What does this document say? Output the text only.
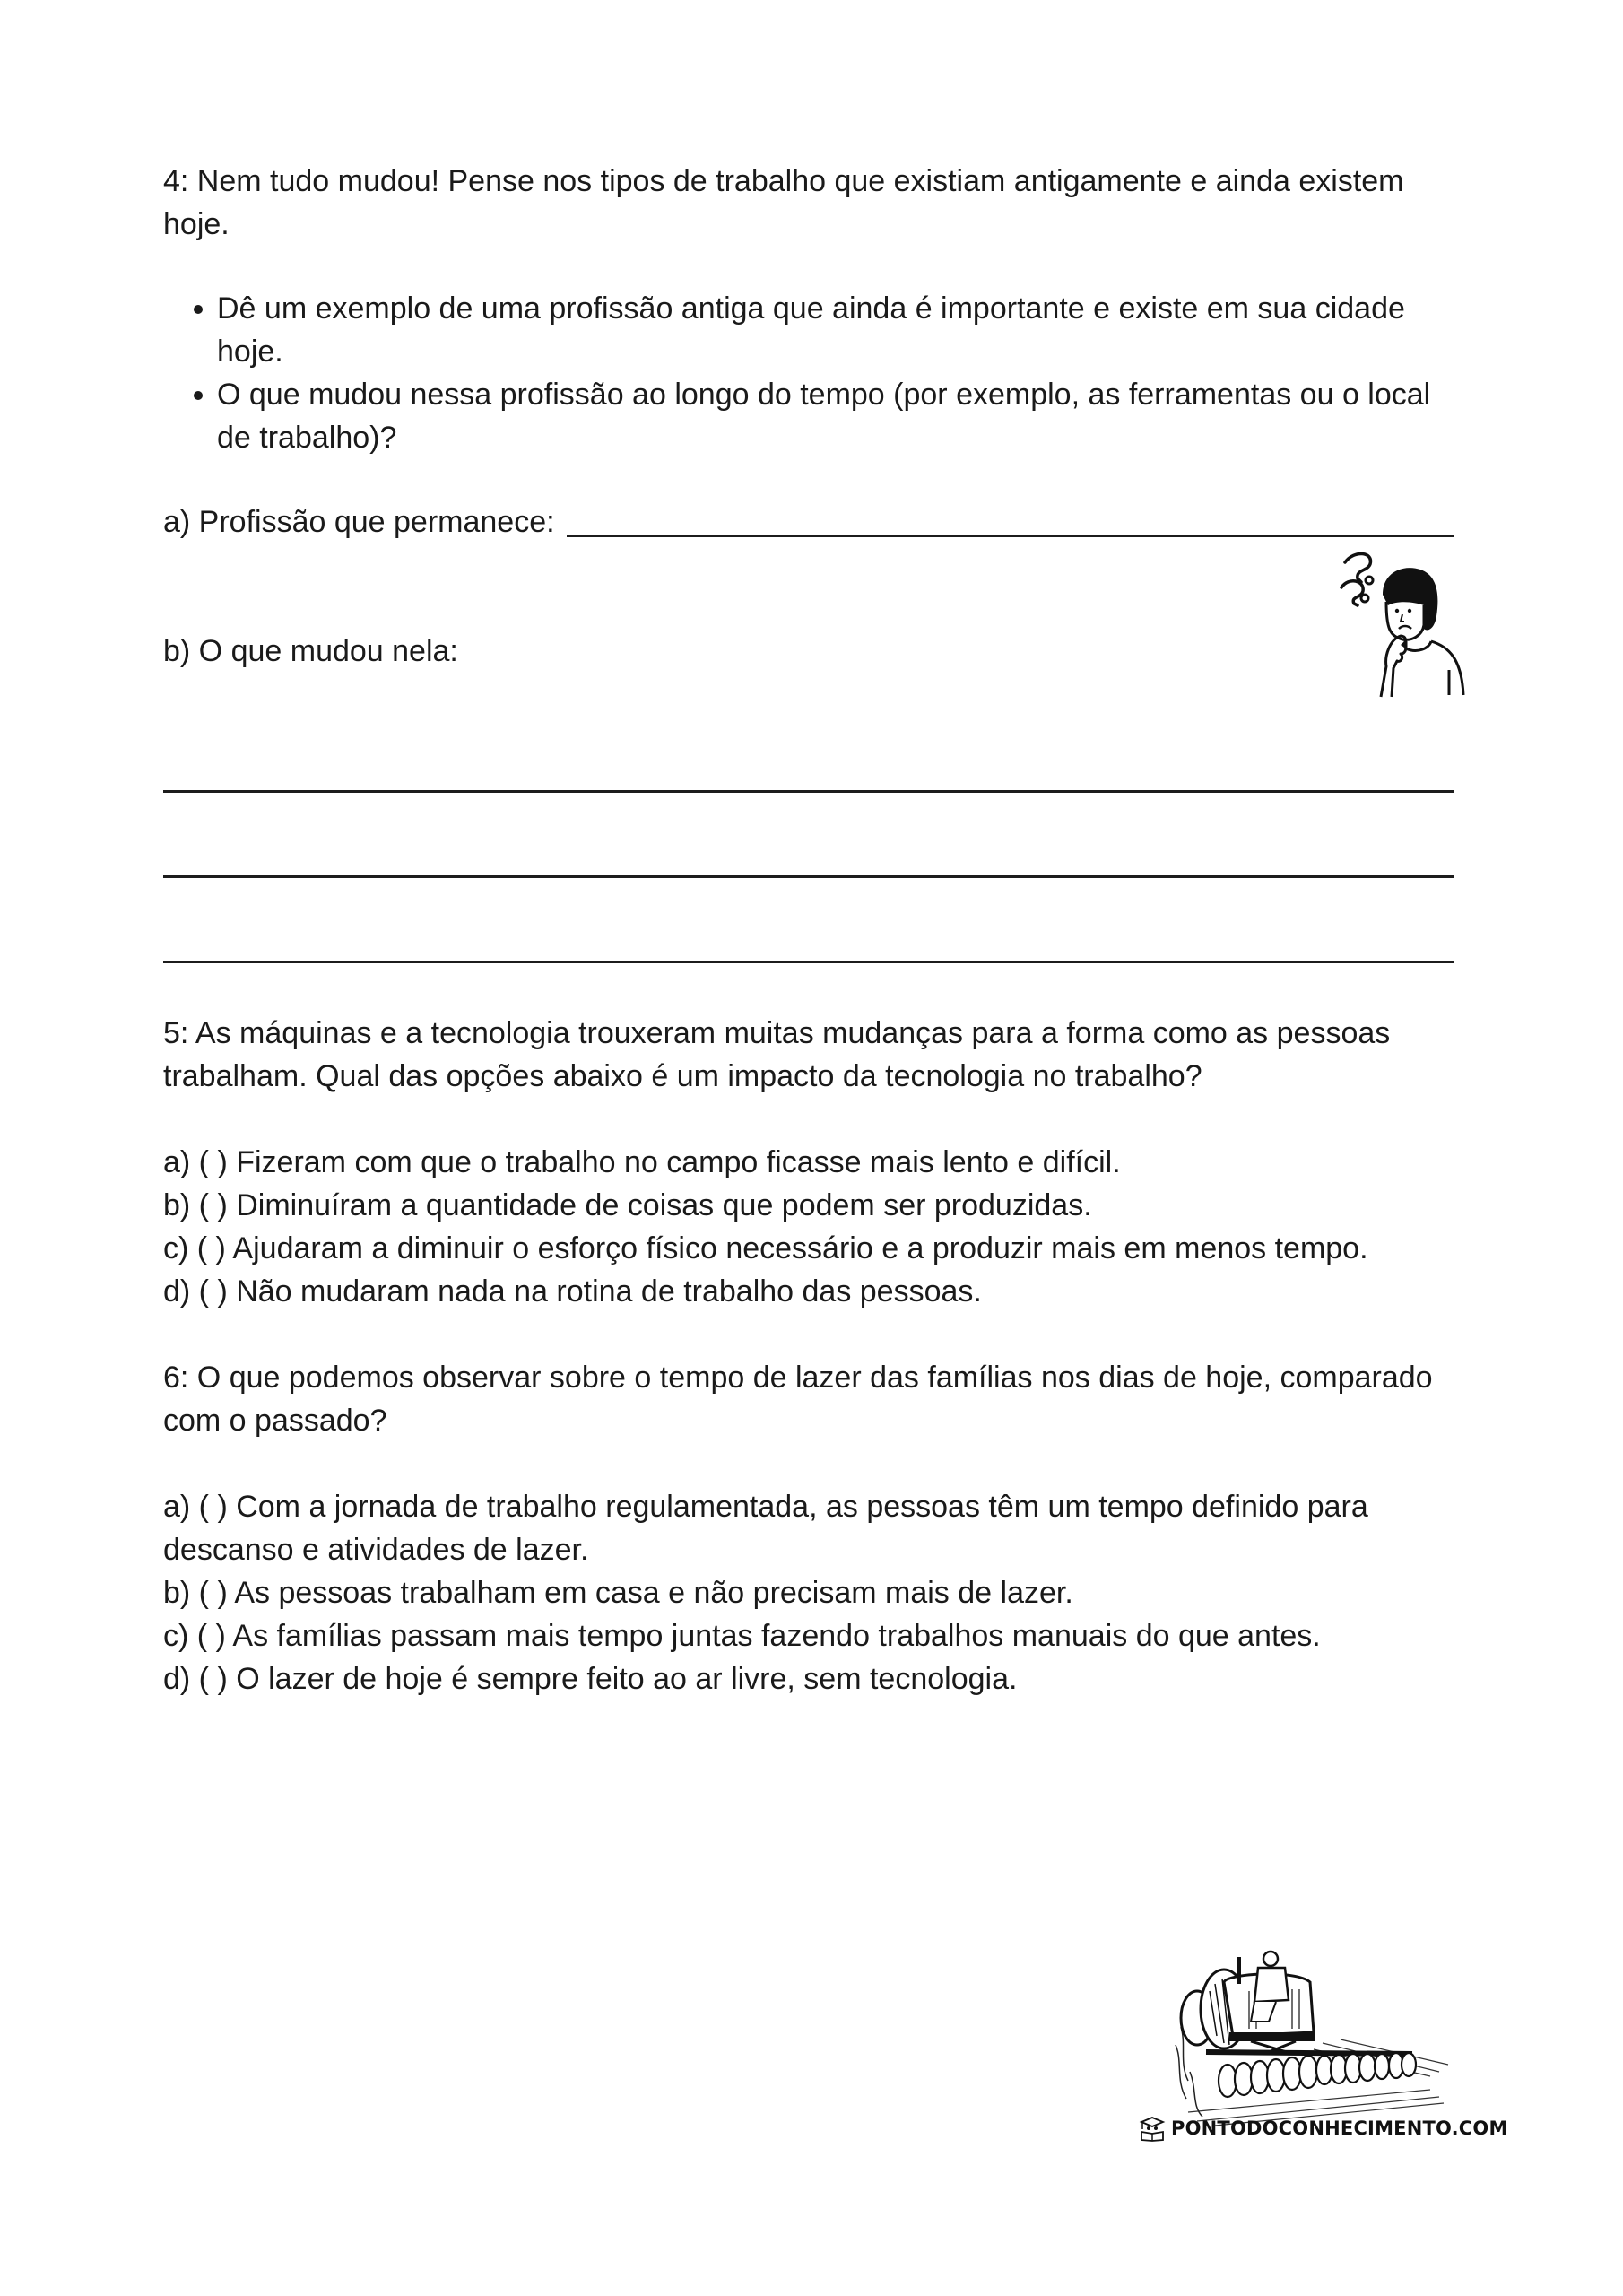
4: Nem tudo mudou! Pense nos tipos de trabalho que existiam antigamente e ainda existem
hoje.
Dê um exemplo de uma profissão antiga que ainda é importante e existe em sua cidade
hoje.
O que mudou nessa profissão ao longo do tempo (por exemplo, as ferramentas ou o local
de trabalho)?
a) Profissão que permanece:
b) O que mudou nela:
5: As máquinas e a tecnologia trouxeram muitas mudanças para a forma como as pessoas
trabalham. Qual das opções abaixo é um impacto da tecnologia no trabalho?
a) ( ) Fizeram com que o trabalho no campo ficasse mais lento e difícil.
b) ( ) Diminuíram a quantidade de coisas que podem ser produzidas.
c) ( ) Ajudaram a diminuir o esforço físico necessário e a produzir mais em menos tempo.
d) ( ) Não mudaram nada na rotina de trabalho das pessoas.
6: O que podemos observar sobre o tempo de lazer das famílias nos dias de hoje, comparado
com o passado?
a) ( ) Com a jornada de trabalho regulamentada, as pessoas têm um tempo definido para
descanso e atividades de lazer.
b) ( ) As pessoas trabalham em casa e não precisam mais de lazer.
c) ( ) As famílias passam mais tempo juntas fazendo trabalhos manuais do que antes.
d) ( ) O lazer de hoje é sempre feito ao ar livre, sem tecnologia.
PONTODOCONHECIMENTO.COM
